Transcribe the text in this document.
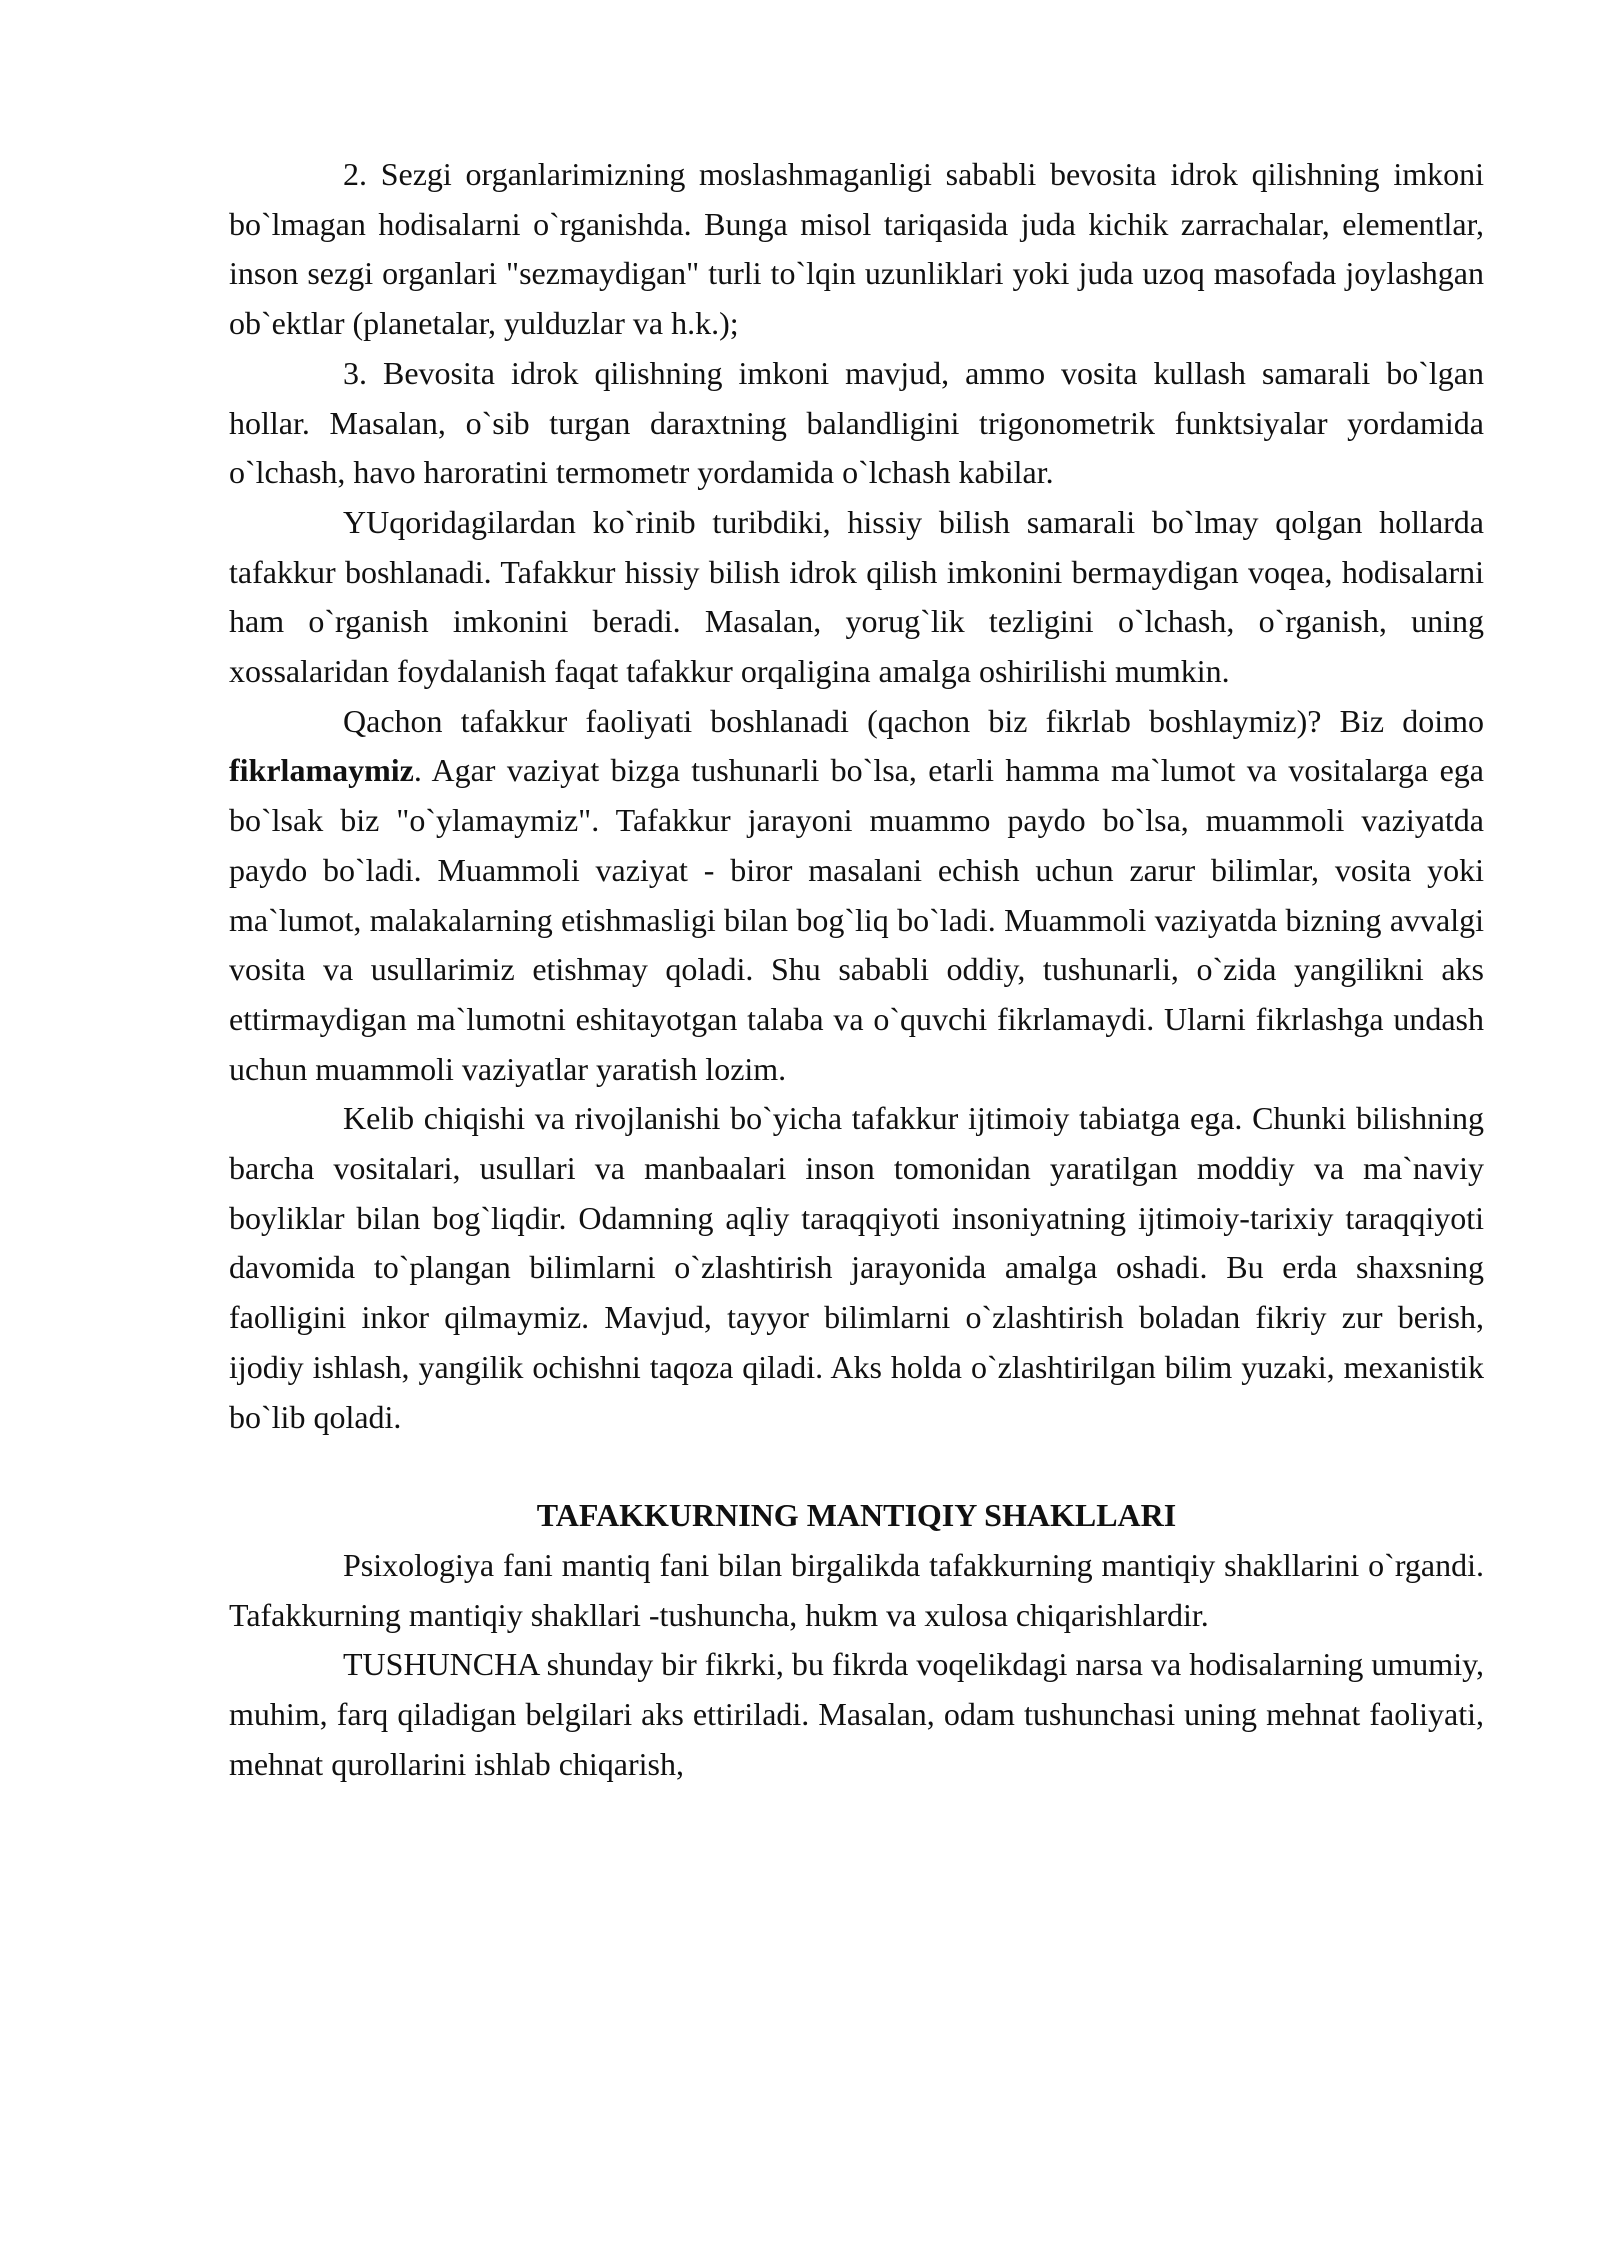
2. Sezgi organlarimizning moslashmaganligi sababli bevosita idrok qilishning imkoni bo`lmagan hodisalarni o`rganishda. Bunga misol tariqasida juda kichik zarrachalar, elementlar, inson sezgi organlari "sezmaydigan" turli to`lqin uzunliklari yoki juda uzoq masofada joylashgan ob`ektlar (planetalar, yulduzlar va h.k.);

3. Bevosita idrok qilishning imkoni mavjud, ammo vosita kullash samarali bo`lgan hollar. Masalan, o`sib turgan daraxtning balandligini trigonometrik funktsiyalar yordamida o`lchash, havo haroratini termometr yordamida o`lchash kabilar.

YUqoridagilardan ko`rinib turibdiki, hissiy bilish samarali bo`lmay qolgan hollarda tafakkur boshlanadi. Tafakkur hissiy bilish idrok qilish imkonini bermaydigan voqea, hodisalarni ham o`rganish imkonini beradi. Masalan, yorug`lik tezligini o`lchash, o`rganish, uning xossalaridan foydalanish faqat tafakkur orqaligina amalga oshirilishi mumkin.

Qachon tafakkur faoliyati boshlanadi (qachon biz fikrlab boshlaymiz)? Biz doimo fikrlamaymiz. Agar vaziyat bizga tushunarli bo`lsa, etarli hamma ma`lumot va vositalarga ega bo`lsak biz "o`ylamaymiz". Tafakkur jarayoni muammo paydo bo`lsa, muammoli vaziyatda paydo bo`ladi. Muammoli vaziyat - biror masalani echish uchun zarur bilimlar, vosita yoki ma`lumot, malakalarning etishmasligi bilan bog`liq bo`ladi. Muammoli vaziyatda bizning avvalgi vosita va usullarimiz etishmay qoladi. Shu sababli oddiy, tushunarli, o`zida yangilikni aks ettirmaydigan ma`lumotni eshitayotgan talaba va o`quvchi fikrlamaydi. Ularni fikrlashga undash uchun muammoli vaziyatlar yaratish lozim.

Kelib chiqishi va rivojlanishi bo`yicha tafakkur ijtimoiy tabiatga ega. Chunki bilishning barcha vositalari, usullari va manbaalari inson tomonidan yaratilgan moddiy va ma`naviy boyliklar bilan bog`liqdir. Odamning aqliy taraqqiyoti insoniyatning ijtimoiy-tarixiy taraqqiyoti davomida to`plangan bilimlarni o`zlashtirish jarayonida amalga oshadi. Bu erda shaxsning faolligini inkor qilmaymiz. Mavjud, tayyor bilimlarni o`zlashtirish boladan fikriy zur berish, ijodiy ishlash, yangilik ochishni taqoza qiladi. Aks holda o`zlashtirilgan bilim yuzaki, mexanistik bo`lib qoladi.

TAFAKKURNING MANTIQIY SHAKLLARI

Psixologiya fani mantiq fani bilan birgalikda tafakkurning mantiqiy shakllarini o`rgandi. Tafakkurning mantiqiy shakllari -tushuncha, hukm va xulosa chiqarishlardir.

TUSHUNCHA shunday bir fikrki, bu fikrda voqelikdagi narsa va hodisalarning umumiy, muhim, farq qiladigan belgilari aks ettiriladi. Masalan, odam tushunchasi uning mehnat faoliyati, mehnat qurollarini ishlab chiqarish,
